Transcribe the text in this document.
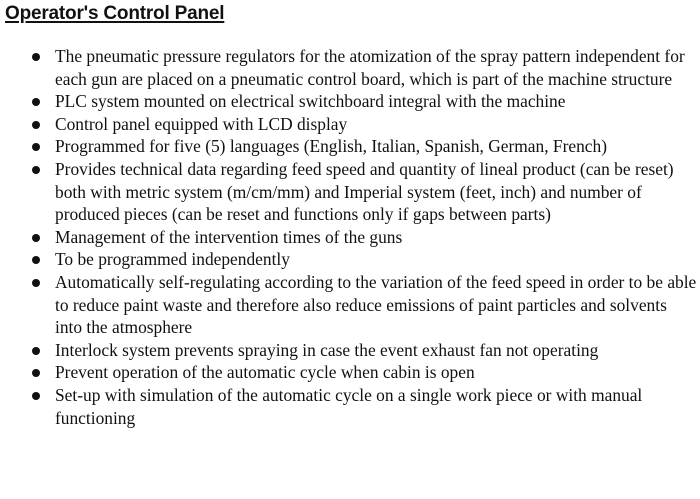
Operator's Control Panel
The pneumatic pressure regulators for the atomization of the spray pattern independent for each gun are placed on a pneumatic control board, which is part of the machine structure
PLC system mounted on electrical switchboard integral with the machine
Control panel equipped with LCD display
Programmed for five (5) languages (English, Italian, Spanish, German, French)
Provides technical data regarding feed speed and quantity of lineal product (can be reset) both with metric system (m/cm/mm) and Imperial system (feet, inch) and number of produced pieces (can be reset and functions only if gaps between parts)
Management of the intervention times of the guns
To be programmed independently
Automatically self-regulating according to the variation of the feed speed in order to be able to reduce paint waste and therefore also reduce emissions of paint particles and solvents into the atmosphere
Interlock system prevents spraying in case the event exhaust fan not operating
Prevent operation of the automatic cycle when cabin is open
Set-up with simulation of the automatic cycle on a single work piece or with manual functioning
